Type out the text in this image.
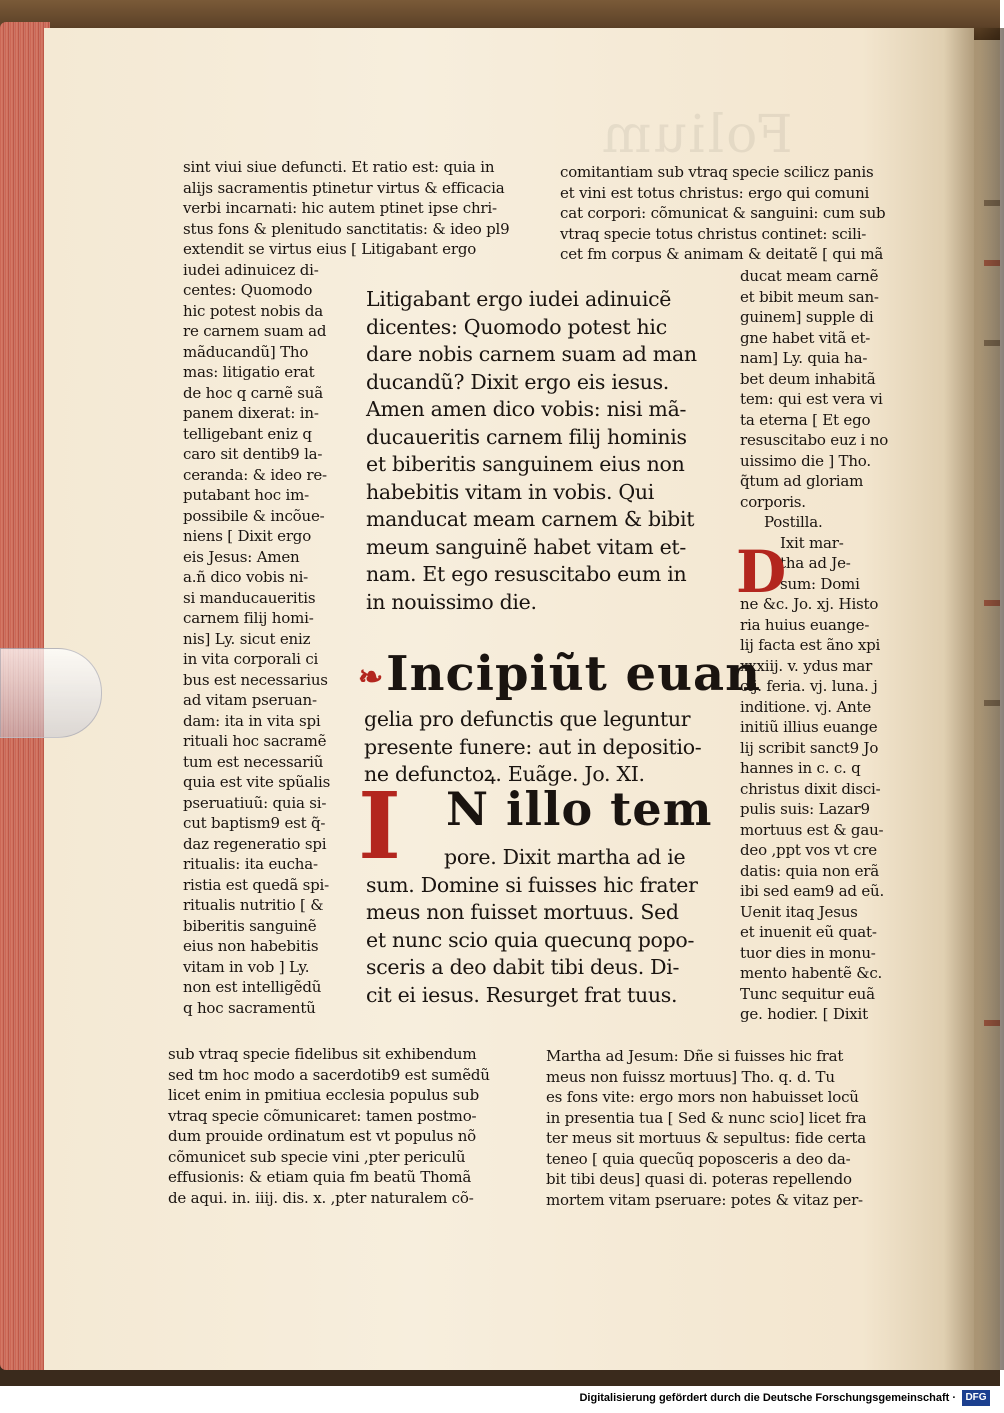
Folium
sint viui siue defuncti. Et ratio est: quia in
alijs sacramentis ptinetur virtus & efficacia
verbi incarnati: hic autem ptinet ipse chri-
stus fons & plenitudo sanctitatis: & ideo pl9
extendit se virtus eius [ Litigabant ergo
iudei adinuicez di-
centes: Quomodo
hic potest nobis da
re carnem suam ad
mãducandũ] Tho
mas: litigatio erat
de hoc q carnẽ suã
panem dixerat: in-
telligebant eniz q
caro sit dentib9 la-
ceranda: & ideo re-
putabant hoc im-
possibile & incõue-
niens [ Dixit ergo
eis Jesus: Amen
a.ñ dico vobis ni-
si manducaueritis
carnem filij homi-
nis] Ly. sicut eniz
in vita corporali ci
bus est necessarius
ad vitam pseruan-
dam: ita in vita spi
rituali hoc sacramẽ
tum est necessariũ
quia est vite spũalis
pseruatiuũ: quia si-
cut baptism9 est q̃-
daz regeneratio spi
ritualis: ita eucha-
ristia est quedã spi-
ritualis nutritio [ &
biberitis sanguinẽ
eius non habebitis
vitam in vob ] Ly.
non est intelligẽdũ
q hoc sacramentũ
sub vtraq specie fidelibus sit exhibendum
sed tm hoc modo a sacerdotib9 est sumẽdũ
licet enim in pmitiua ecclesia populus sub
vtraq specie cõmunicaret: tamen postmo-
dum prouide ordinatum est vt populus nõ
cõmunicet sub specie vini ,pter periculũ
effusionis: & etiam quia fm beatũ Thomã
de aqui. in. iiij. dis. x. ,pter naturalem cõ-
comitantiam sub vtraq specie scilicz panis
et vini est totus christus: ergo qui comuni
cat corpori: cõmunicat & sanguini: cum sub
vtraq specie totus christus continet: scili-
cet fm corpus & animam & deitatẽ [ qui mã
ducat meam carnẽ
et bibit meum san-
guinem] supple di
gne habet vitã et-
nam] Ly. quia ha-
bet deum inhabitã
tem: qui est vera vi
ta eterna [ Et ego
resuscitabo euz i no
uissimo die ] Tho.
q̃tum ad gloriam
corporis.
Postilla.
Ixit mar-
tha ad Je-
sum: Domi
ne &c. Jo. xj. Histo
ria huius euange-
lij facta est ãno xpi
xxxiij. v. ydus mar
cij. feria. vj. luna. j
inditione. vj. Ante
initiũ illius euange
lij scribit sanct9 Jo
hannes in c. c. q
christus dixit disci-
pulis suis: Lazar9
mortuus est & gau-
deo ,ppt vos vt cre
datis: quia non erã
ibi sed eam9 ad eũ.
Uenit itaq Jesus
et inuenit eũ quat-
tuor dies in monu-
mento habentẽ &c.
Tunc sequitur euã
ge. hodier. [ Dixit
Martha ad Jesum: Dñe si fuisses hic frat
meus non fuissz mortuus] Tho. q. d. Tu
es fons vite: ergo mors non habuisset locũ
in presentia tua [ Sed & nunc scio] licet fra
ter meus sit mortuus & sepultus: fide certa
teneo [ quia quecũq poposceris a deo da-
bit tibi deus] quasi di. poteras repellendo
mortem vitam pseruare: potes & vitaz per-
Litigabant ergo iudei adinuicẽ
dicentes: Quomodo potest hic
dare nobis carnem suam ad man
ducandũ? Dixit ergo eis iesus.
Amen amen dico vobis: nisi mã-
ducaueritis carnem filij hominis
et biberitis sanguinem eius non
habebitis vitam in vobis. Qui
manducat meam carnem & bibit
meum sanguinẽ habet vitam et-
nam. Et ego resuscitabo eum in
in nouissimo die.
❧Incipiũt euan
gelia pro defunctis que leguntur
presente funere: aut in depositio-
ne defunctoꝝ. Euãge. Jo. XI.
I N illo tem
pore. Dixit martha ad ie
sum. Domine si fuisses hic frater
meus non fuisset mortuus. Sed
et nunc scio quia quecunq popo-
sceris a deo dabit tibi deus. Di-
cit ei iesus. Resurget frat tuus.
D
Digitalisierung gefördert durch die Deutsche Forschungsgemeinschaft · DFG
